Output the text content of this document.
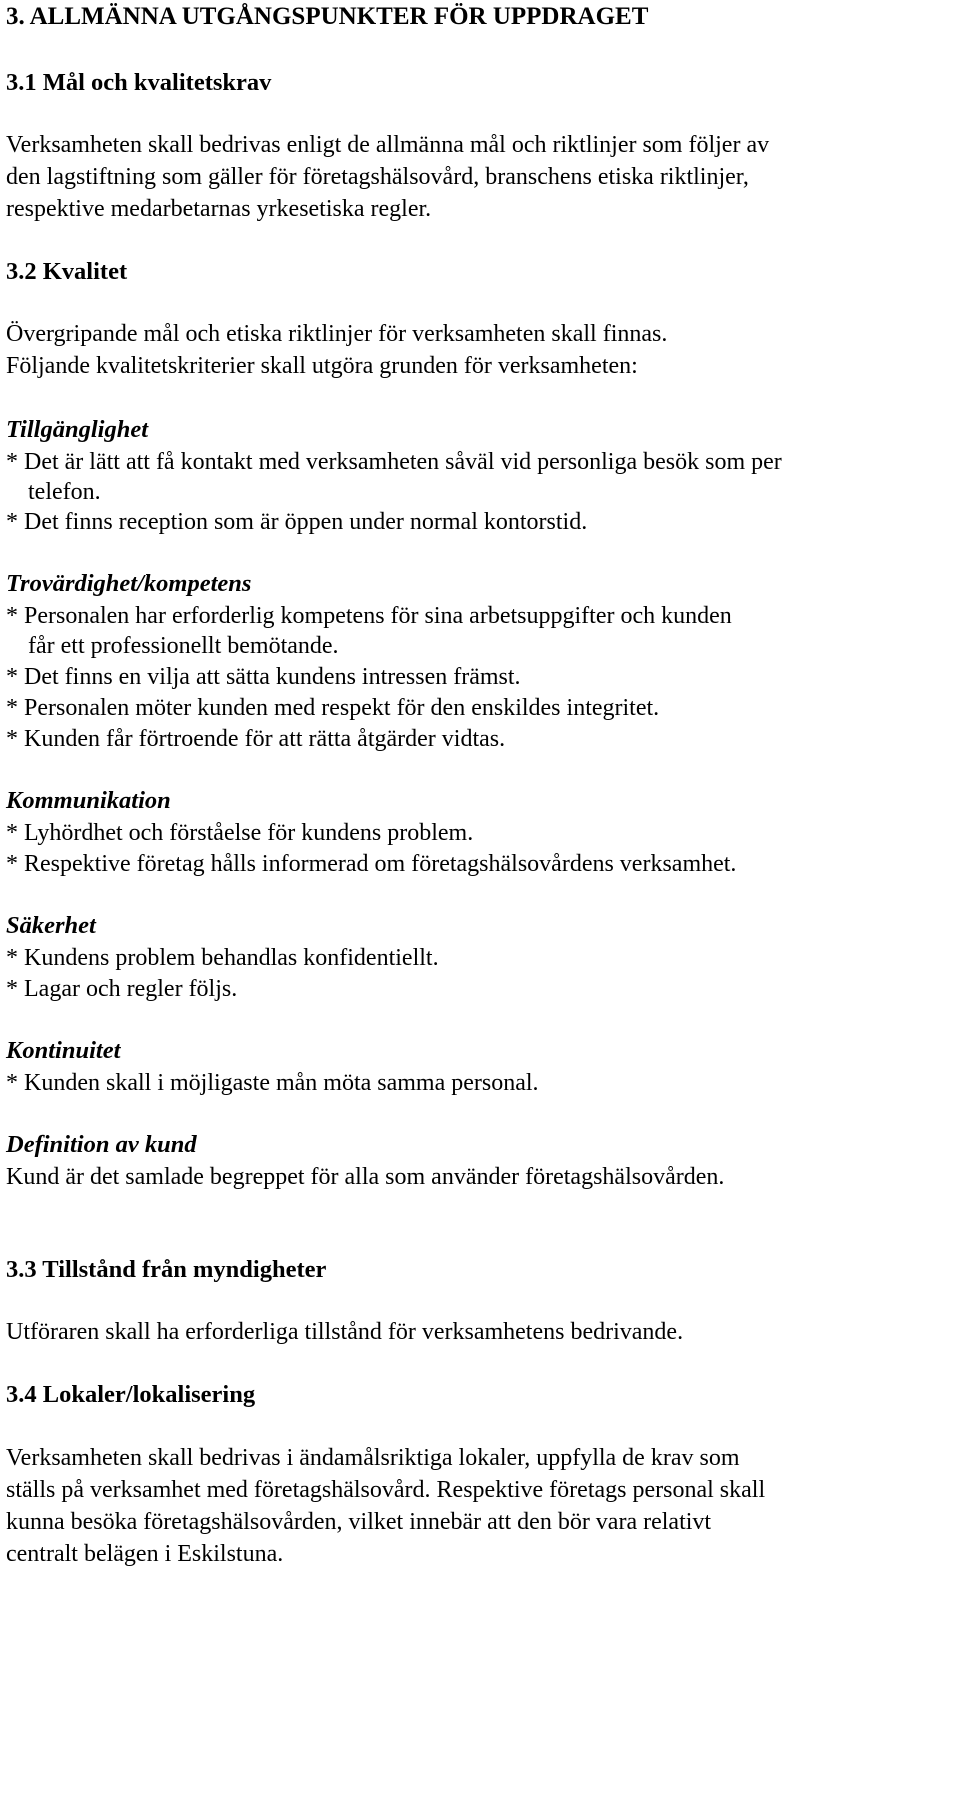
3. ALLMÄNNA UTGÅNGSPUNKTER FÖR UPPDRAGET
3.1 Mål och kvalitetskrav
Verksamheten skall bedrivas enligt de allmänna mål och riktlinjer som följer av
den lagstiftning som gäller för företagshälsovård, branschens etiska riktlinjer,
respektive medarbetarnas yrkesetiska regler.
3.2 Kvalitet
Övergripande mål och etiska riktlinjer för verksamheten skall finnas.
Följande kvalitetskriterier skall utgöra grunden för verksamheten:
Tillgänglighet
* Det är lätt att få kontakt med verksamheten såväl vid personliga besök som per
telefon.
* Det finns reception som är öppen under normal kontorstid.
Trovärdighet/kompetens
* Personalen har erforderlig kompetens för sina arbetsuppgifter och kunden
får ett professionellt bemötande.
* Det finns en vilja att sätta kundens intressen främst.
* Personalen möter kunden med respekt för den enskildes integritet.
* Kunden får förtroende för att rätta åtgärder vidtas.
Kommunikation
* Lyhördhet och förståelse för kundens problem.
* Respektive företag hålls informerad om företagshälsovårdens verksamhet.
Säkerhet
* Kundens problem behandlas konfidentiellt.
* Lagar och regler följs.
Kontinuitet
* Kunden skall i möjligaste mån möta samma personal.
Definition av kund
Kund är det samlade begreppet för alla som använder företagshälsovården.
3.3 Tillstånd från myndigheter
Utföraren skall ha erforderliga tillstånd för verksamhetens bedrivande.
3.4 Lokaler/lokalisering
Verksamheten skall bedrivas i ändamålsriktiga lokaler, uppfylla de krav som
ställs på verksamhet med företagshälsovård. Respektive företags personal skall
kunna besöka företagshälsovården, vilket innebär att den bör vara relativt
centralt belägen i Eskilstuna.
